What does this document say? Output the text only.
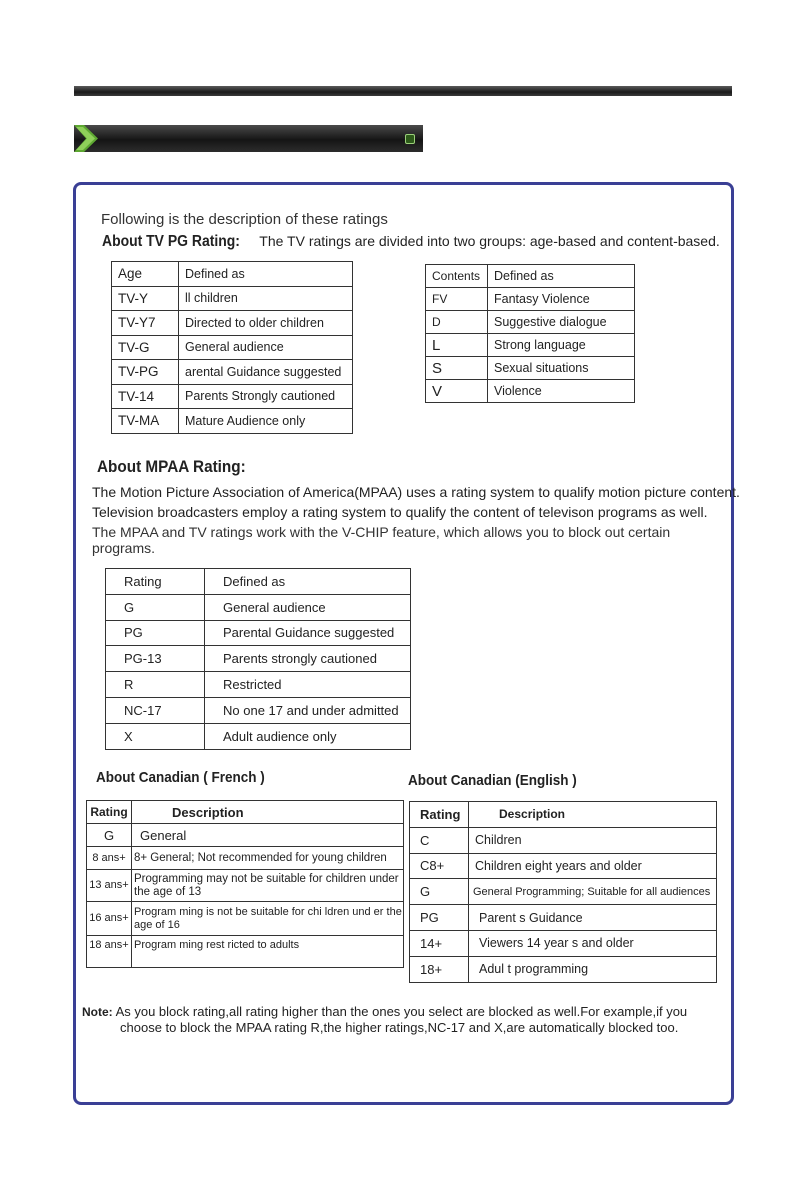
Following is the description of these ratings
About TV PG Rating: The TV ratings are divided into two groups: age-based and content-based.
Age	Defined as
TV-Y	ll children
TV-Y7	Directed to older children
TV-G	General audience
TV-PG	arental Guidance suggested
TV-14	Parents Strongly cautioned
TV-MA	Mature Audience only
Contents	Defined as
FV	Fantasy Violence
D	Suggestive dialogue
L	Strong language
S	Sexual situations
V	Violence
About MPAA Rating:
The Motion Picture Association of America(MPAA) uses a rating system to qualify motion picture content.
Television broadcasters employ a rating system to qualify the content of televison programs as well.
The MPAA and TV ratings work with the V-CHIP feature, which allows you to block out certain
programs.
Rating	Defined as
G	General audience
PG	Parental Guidance suggested
PG-13	Parents strongly cautioned
R	Restricted
NC-17	No one 17 and under admitted
X	Adult audience only
About Canadian ( French )	About Canadian (English )
Rating	Description
G	General
8 ans+	8+ General; Not recommended for young children
13 ans+	Programming may not be suitable for children under the age of 13
16 ans+	Program ming is not be suitable for chi ldren und er the age of 16
18 ans+	Program ming rest ricted to adults
Rating	Description
C	Children
C8+	Children eight years and older
G	General Programming; Suitable for all audiences
PG	Parent s Guidance
14+	Viewers 14 year s and older
18+	Adul t programming
Note: As you block rating,all rating higher than the ones you select are blocked as well.For example,if you
choose to block the MPAA rating R,the higher ratings,NC-17 and X,are automatically blocked too.
